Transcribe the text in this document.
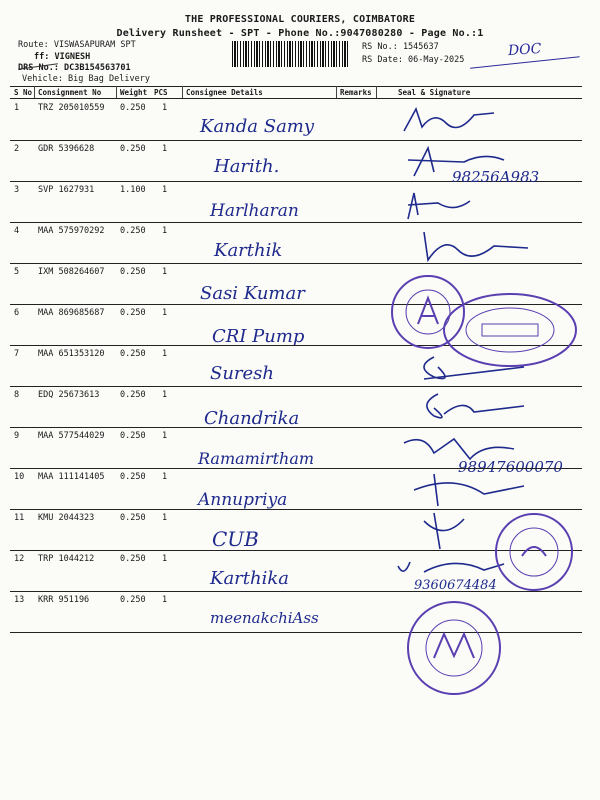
THE PROFESSIONAL COURIERS, COIMBATORE
Delivery Runsheet - SPT - Phone No.:9047080280 - Page No.:1
Route: VISWASAPURAM SPT
ff: VIGNESH
DRS No.: DC3B154563701
Vehicle: Big Bag Delivery
RS No.: 1545637
RS Date: 06-May-2025
DOC
S No Consignment No	Weight PCS Consignee Details	Remarks	Seal & Signature
1 TRZ 205010559 0.250 1
Kanda Samy
2 GDR 5396628	0.250 1
Harith.
3 SVP 1627931	1.100 1
Harlharan
98256A983
4 MAA 575970292 0.250 1
Karthik
5 IXM 508264607 0.250 1
Sasi Kumar
6 MAA 869685687 0.250 1
CRI Pump
7 MAA 651353120 0.250 1
Suresh
8 EDQ 25673613 0.250 1
Chandrika
9 MAA 577544029 0.250 1
Ramamirtham	98947600070
10 MAA 111141405 0.250 1
Annupriya
11 KMU 2044323	0.250 1
CUB
12 TRP 1044212	0.250 1
Karthika	9360674484
13 KRR 951196	0.250 1
meenakchiAss
